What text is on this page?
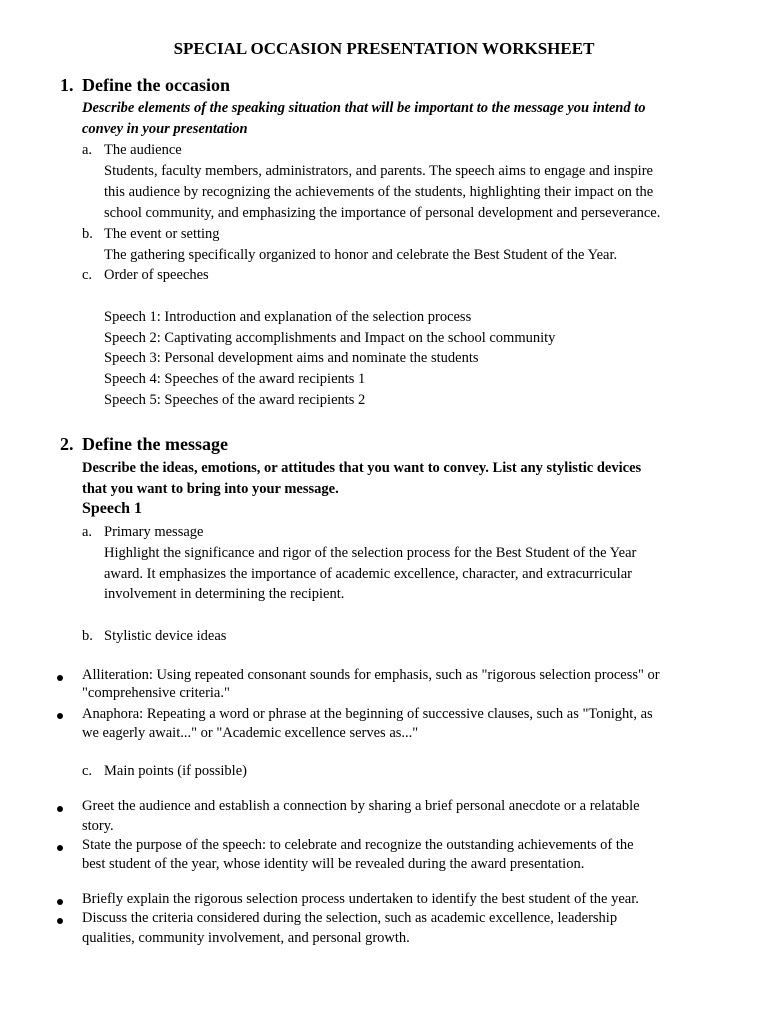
SPECIAL OCCASION PRESENTATION WORKSHEET
1. Define the occasion
Describe elements of the speaking situation that will be important to the message you intend to
convey in your presentation
a. The audience
Students, faculty members, administrators, and parents. The speech aims to engage and inspire
this audience by recognizing the achievements of the students, highlighting their impact on the
school community, and emphasizing the importance of personal development and perseverance.
b. The event or setting
The gathering specifically organized to honor and celebrate the Best Student of the Year.
c. Order of speeches
Speech 1: Introduction and explanation of the selection process
Speech 2: Captivating accomplishments and Impact on the school community
Speech 3: Personal development aims and nominate the students
Speech 4: Speeches of the award recipients 1
Speech 5: Speeches of the award recipients 2
2. Define the message
Describe the ideas, emotions, or attitudes that you want to convey. List any stylistic devices
that you want to bring into your message.
Speech 1
a. Primary message
Highlight the significance and rigor of the selection process for the Best Student of the Year
award. It emphasizes the importance of academic excellence, character, and extracurricular
involvement in determining the recipient.
b. Stylistic device ideas
Alliteration: Using repeated consonant sounds for emphasis, such as "rigorous selection process" or
"comprehensive criteria."
Anaphora: Repeating a word or phrase at the beginning of successive clauses, such as "Tonight, as
we eagerly await..." or "Academic excellence serves as..."
c. Main points (if possible)
Greet the audience and establish a connection by sharing a brief personal anecdote or a relatable
story.
State the purpose of the speech: to celebrate and recognize the outstanding achievements of the
best student of the year, whose identity will be revealed during the award presentation.
Briefly explain the rigorous selection process undertaken to identify the best student of the year.
Discuss the criteria considered during the selection, such as academic excellence, leadership
qualities, community involvement, and personal growth.
